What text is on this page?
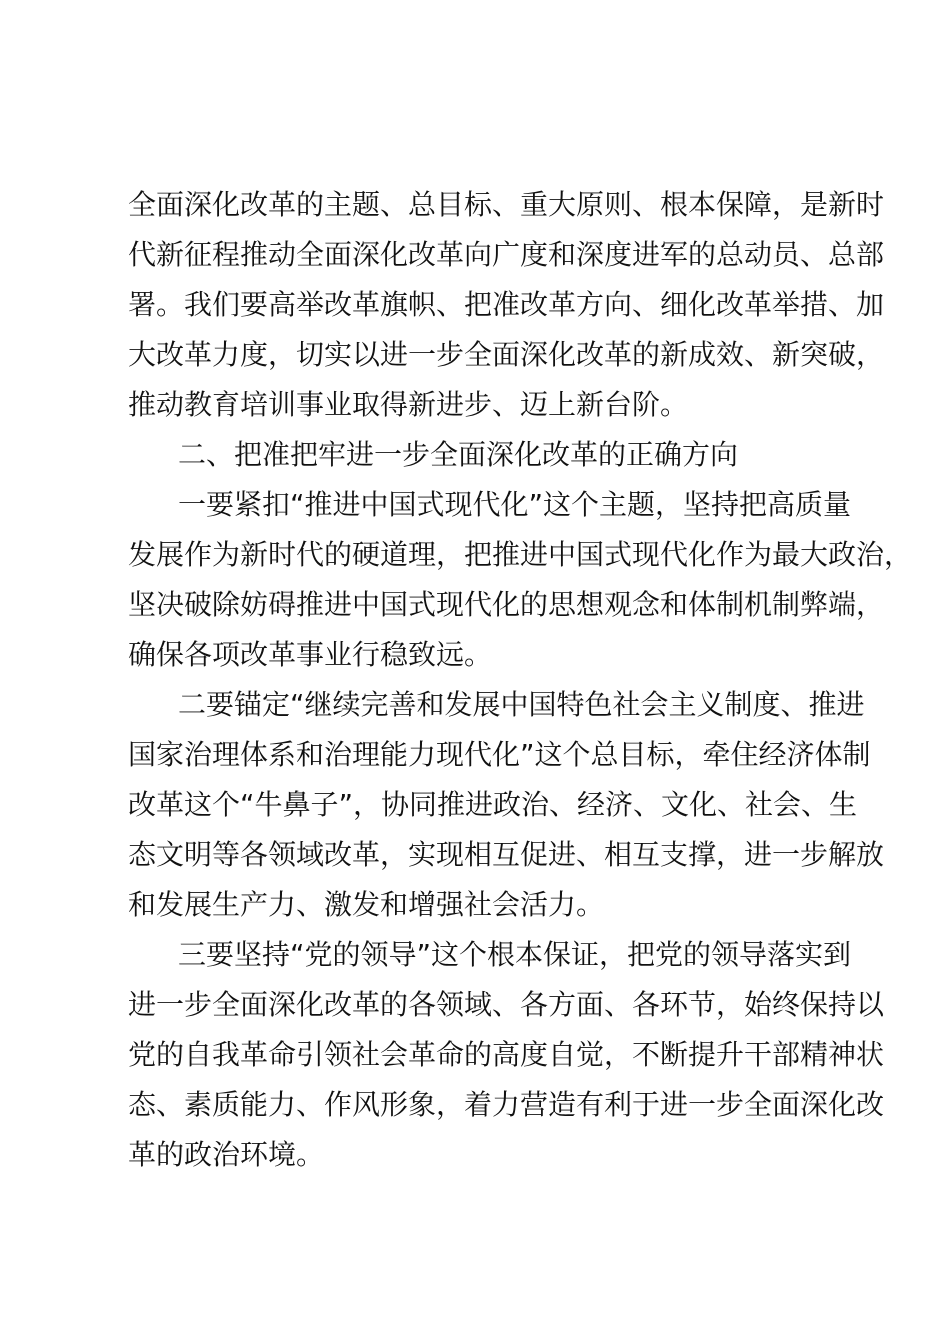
全面深化改革的主题、总目标、重大原则、根本保障，是新时
代新征程推动全面深化改革向广度和深度进军的总动员、总部
署。我们要高举改革旗帜、把准改革方向、细化改革举措、加
大改革力度，切实以进一步全面深化改革的新成效、新突破，
推动教育培训事业取得新进步、迈上新台阶。
二、把准把牢进一步全面深化改革的正确方向
一要紧扣“推进中国式现代化”这个主题，坚持把高质量
发展作为新时代的硬道理，把推进中国式现代化作为最大政治，
坚决破除妨碍推进中国式现代化的思想观念和体制机制弊端，
确保各项改革事业行稳致远。
二要锚定“继续完善和发展中国特色社会主义制度、推进
国家治理体系和治理能力现代化”这个总目标，牵住经济体制
改革这个“牛鼻子”，协同推进政治、经济、文化、社会、生
态文明等各领域改革，实现相互促进、相互支撑，进一步解放
和发展生产力、激发和增强社会活力。
三要坚持“党的领导”这个根本保证，把党的领导落实到
进一步全面深化改革的各领域、各方面、各环节，始终保持以
党的自我革命引领社会革命的高度自觉，不断提升干部精神状
态、素质能力、作风形象，着力营造有利于进一步全面深化改
革的政治环境。
